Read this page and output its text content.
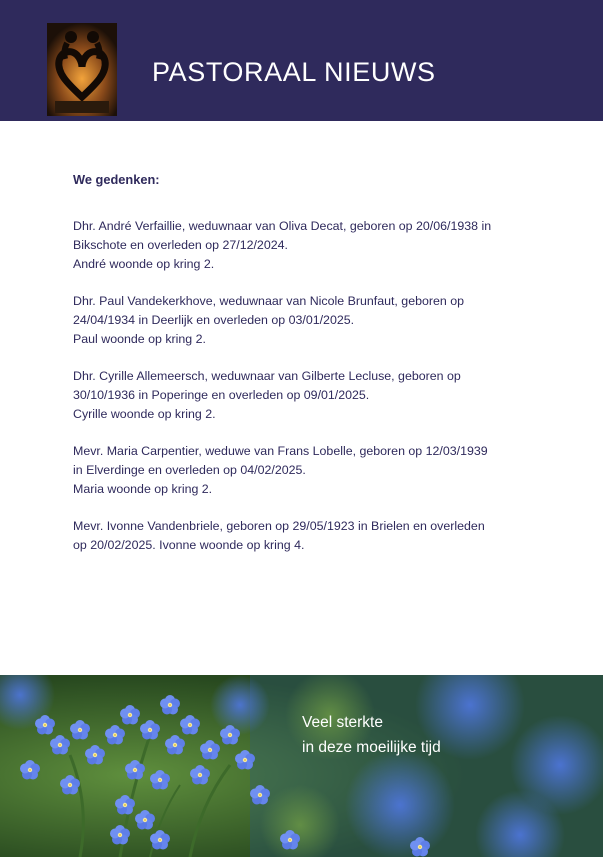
PASTORAAL NIEUWS
We gedenken:
Dhr. André Verfaillie, weduwnaar van Oliva Decat, geboren op 20/06/1938 in
Bikschote en overleden op 27/12/2024.
André woonde op kring 2.
Dhr. Paul Vandekerkhove, weduwnaar van Nicole Brunfaut, geboren op
24/04/1934 in Deerlijk en overleden op 03/01/2025.
Paul woonde op kring 2.
Dhr. Cyrille Allemeersch, weduwnaar van Gilberte Lecluse, geboren op
30/10/1936 in Poperinge en overleden op 09/01/2025.
Cyrille woonde op kring 2.
Mevr. Maria Carpentier, weduwe van Frans Lobelle, geboren op 12/03/1939
in Elverdinge en overleden op 04/02/2025.
Maria woonde op kring 2.
Mevr. Ivonne Vandenbriele, geboren op 29/05/1923 in Brielen en overleden
op 20/02/2025. Ivonne woonde op kring 4.
Veel sterkte
in deze moeilijke tijd
